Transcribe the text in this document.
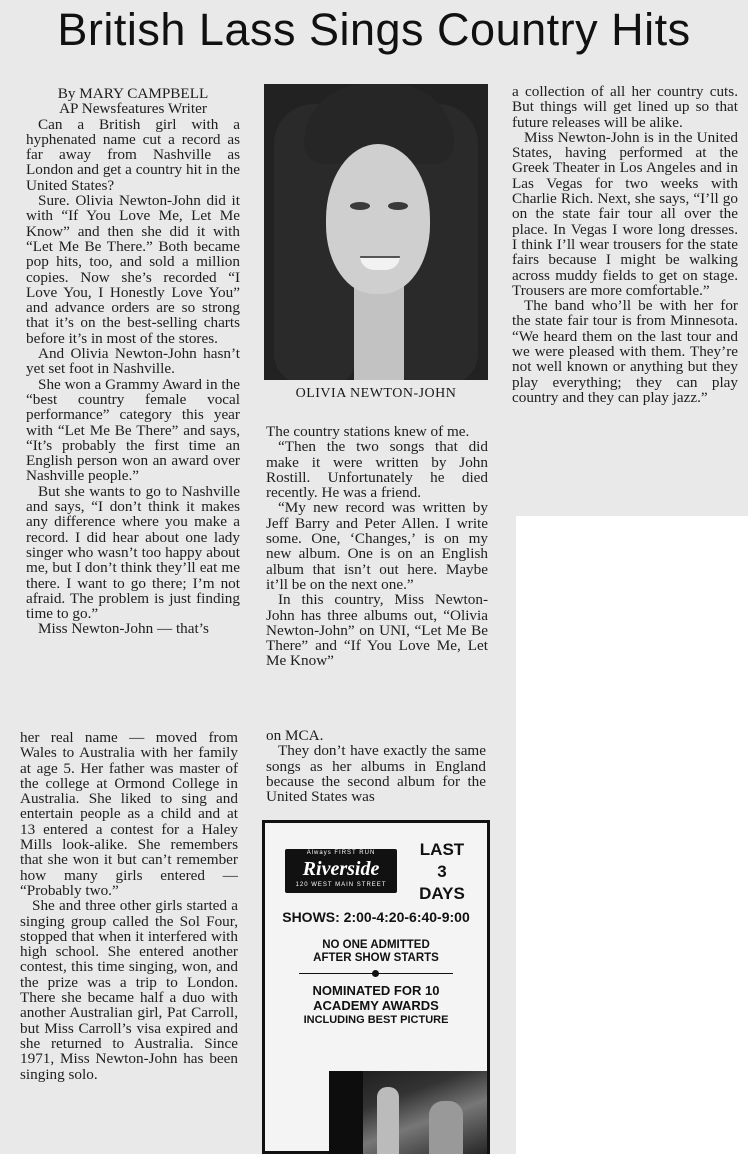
British Lass Sings Country Hits

By MARY CAMPBELL

AP Newsfeatures Writer

Can a British girl with a hyphenated name cut a record as far away from Nashville as London and get a country hit in the United States?

Sure. Olivia Newton-John did it with “If You Love Me, Let Me Know” and then she did it with “Let Me Be There.” Both became pop hits, too, and sold a million copies. Now she’s recorded “I Love You, I Honestly Love You” and advance orders are so strong that it’s on the best-selling charts before it’s in most of the stores.

And Olivia Newton-John hasn’t yet set foot in Nashville.

She won a Grammy Award in the “best country female vocal performance” category this year with “Let Me Be There” and says, “It’s probably the first time an English person won an award over Nashville people.”

But she wants to go to Nashville and says, “I don’t think it makes any difference where you make a record. I did hear about one lady singer who wasn’t too happy about me, but I don’t think they’ll eat me there. I want to go there; I’m not afraid. The problem is just finding time to go.”

Miss Newton-John — that’s

her real name — moved from Wales to Australia with her family at age 5. Her father was master of the college at Ormond College in Australia. She liked to sing and entertain people as a child and at 13 entered a contest for a Haley Mills look-alike. She remembers that she won it but can’t remember how many girls entered — “Probably two.”

She and three other girls started a singing group called the Sol Four, stopped that when it interfered with high school. She entered another contest, this time singing, won, and the prize was a trip to London. There she became half a duo with another Australian girl, Pat Carroll, but Miss Carroll’s visa expired and she returned to Australia. Since 1971, Miss Newton-John has been singing solo.

OLIVIA NEWTON-JOHN

The country stations knew of me.

“Then the two songs that did make it were written by John Rostill. Unfortunately he died recently. He was a friend.

“My new record was written by Jeff Barry and Peter Allen. I write some. One, ‘Changes,’ is on my new album. One is on an English album that isn’t out here. Maybe it’ll be on the next one.”

In this country, Miss Newton-John has three albums out, “Olivia Newton-John” on UNI, “Let Me Be There” and “If You Love Me, Let Me Know”

on MCA.

They don’t have exactly the same songs as her albums in England because the second album for the United States was

a collection of all her country cuts. But things will get lined up so that future releases will be alike.

Miss Newton-John is in the United States, having performed at the Greek Theater in Los Angeles and in Las Vegas for two weeks with Charlie Rich. Next, she says, “I’ll go on the state fair tour all over the place. In Vegas I wore long dresses. I think I’ll wear trousers for the state fairs because I might be walking across muddy fields to get on stage. Trousers are more comfortable.”

The band who’ll be with her for the state fair tour is from Minnesota. “We heard them on the last tour and we were pleased with them. They’re not well known or anything but they play everything; they can play country and they can play jazz.”

Always FIRST RUN
Riverside
120 WEST MAIN STREET
LAST
3
DAYS
SHOWS: 2:00-4:20-6:40-9:00
NO ONE ADMITTED
AFTER SHOW STARTS
NOMINATED FOR 10
ACADEMY AWARDS
INCLUDING BEST PICTURE
